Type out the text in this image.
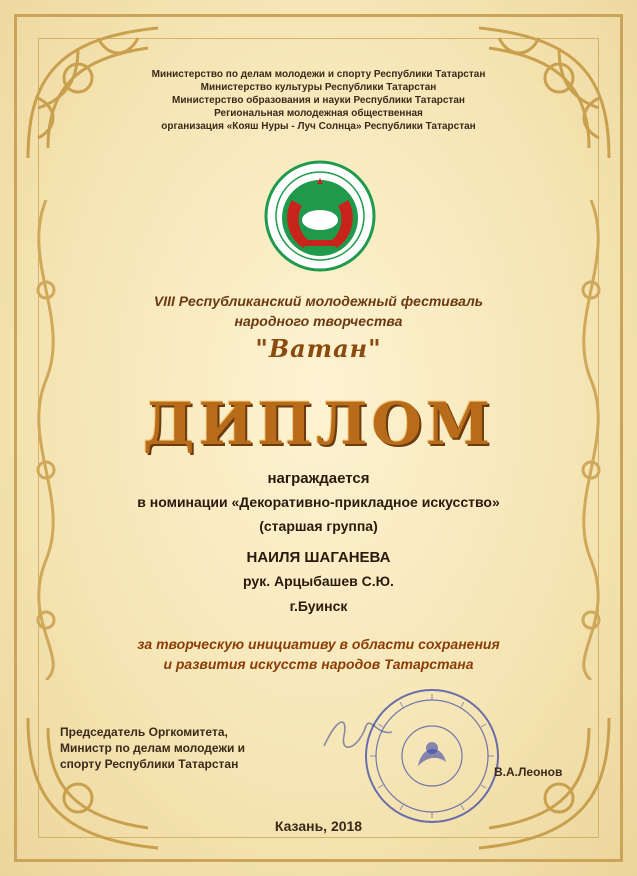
Министерство по делам молодежи и спорту Республики Татарстан
Министерство культуры Республики Татарстан
Министерство образования и науки Республики Татарстан
Региональная молодежная общественная
организация «Кояш Нуры - Луч Солнца» Республики Татарстан
VIII Республиканский молодежный фестиваль
народного творчества
"Ватан"
ДИПЛОМ
награждается
в номинации «Декоративно-прикладное искусство»
(старшая группа)
НАИЛЯ ШАГАНЕВА
рук. Арцыбашев С.Ю.
г.Буинск
за творческую инициативу в области сохранения
и развития искусств народов Татарстана
Председатель Оргкомитета,
Министр по делам молодежи и
спорту Республики Татарстан
В.А.Леонов
Казань, 2018
